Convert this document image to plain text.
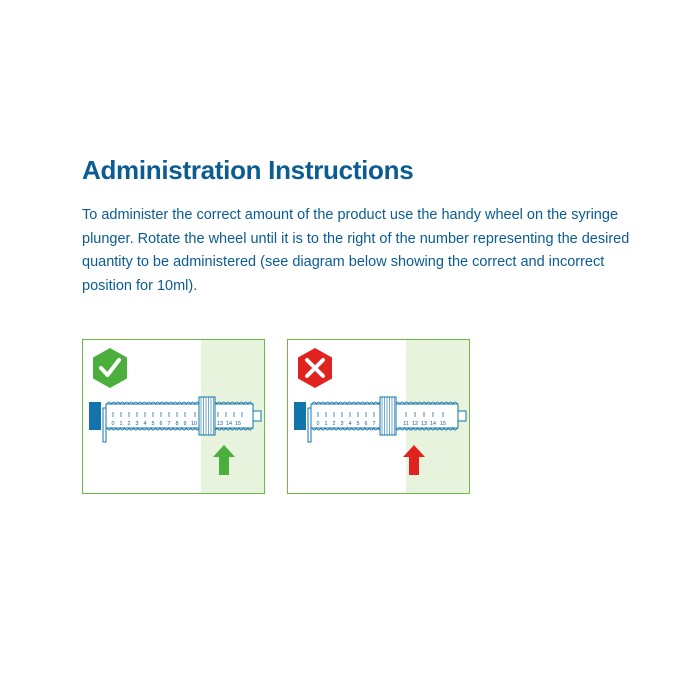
Administration Instructions

To administer the correct amount of the product use the handy wheel on the syringe plunger. Rotate the wheel until it is to the right of the number representing the desired quantity to be administered (see diagram below showing the correct and incorrect position for 10ml).

0 1 2 3 4 5 6 7 8 9 10	13 14 15	0 1 2 3 4 5 6 7	11 12 13 14 15
